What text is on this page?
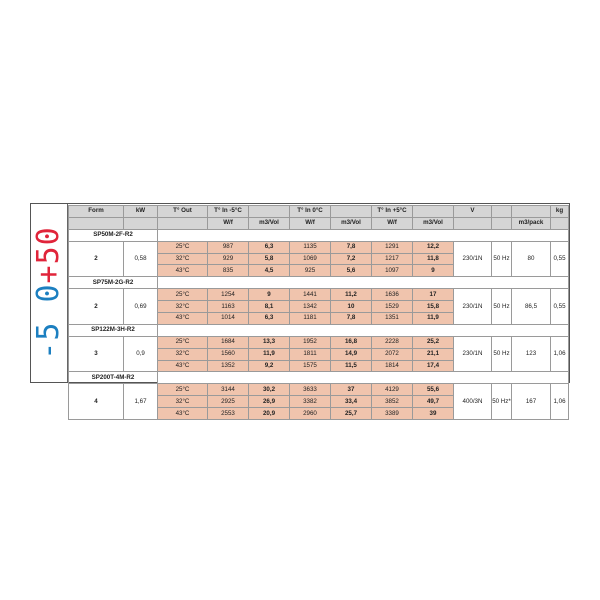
-5 0
+50
Form	kW	T° Out	T° In -5°C		T° In 0°C		T° In +5°C		V			kg
			W/f	m3/Vol	W/f	m3/Vol	W/f	m3/Vol			m3/pack	
SP50M-2F-R2												
2	0,58	25°C	987	6,3	1135	7,8	1291	12,2	230/1N	50 Hz	80	0,55
		32°C	929	5,8	1069	7,2	1217	11,8				
		43°C	835	4,5	925	5,6	1097	9				
SP75M-2G-R2												
2	0,69	25°C	1254	9	1441	11,2	1636	17	230/1N	50 Hz	86,5	0,55
		32°C	1163	8,1	1342	10	1529	15,8				
		43°C	1014	6,3	1181	7,8	1351	11,9				
SP122M-3H-R2												
3	0,9	25°C	1684	13,3	1952	16,8	2228	25,2	230/1N	50 Hz	123	1,06
		32°C	1560	11,9	1811	14,9	2072	21,1				
		43°C	1352	9,2	1575	11,5	1814	17,4				
SP200T-4M-R2												
4	1,67	25°C	3144	30,2	3633	37	4129	55,6	400/3N	50 Hz*	167	1,06
		32°C	2925	26,9	3382	33,4	3852	49,7				
		43°C	2553	20,9	2960	25,7	3389	39				
